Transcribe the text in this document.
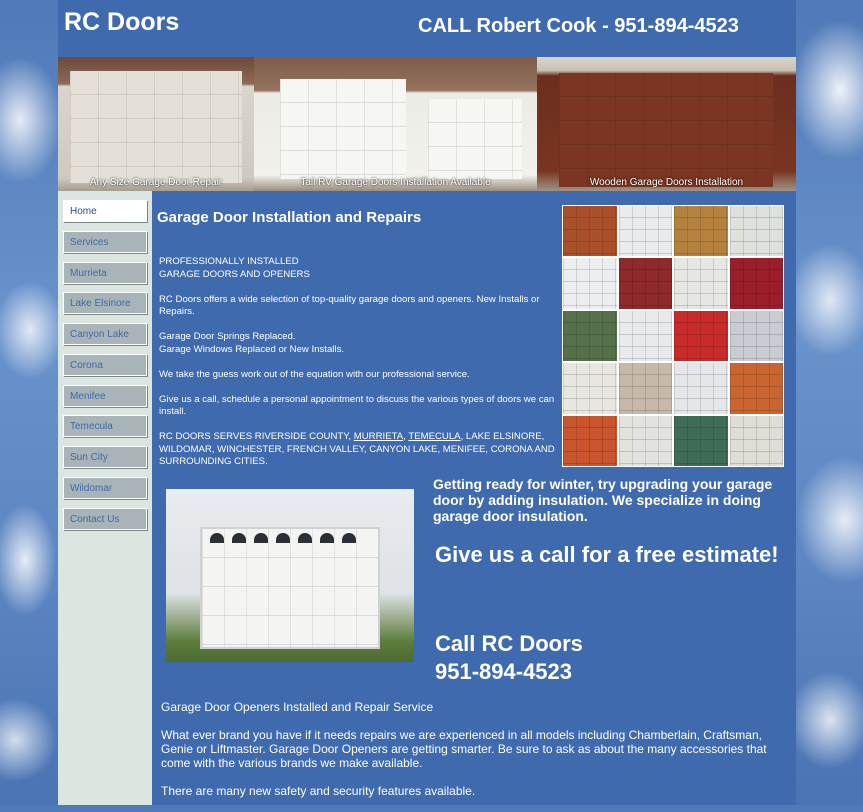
RC Doors	CALL Robert Cook - 951-894-4523
Any Size Garage Door Repair	Tall RV Garage Doors Installation Available	Wooden Garage Doors Installation
Home
Services
Murrieta
Lake Elsinore
Canyon Lake
Corona
Menifee
Temecula
Sun City
Wildomar
Contact Us
Garage Door Installation and Repairs

PROFESSIONALLY INSTALLED
GARAGE DOORS AND OPENERS

RC Doors offers a wide selection of top-quality garage doors and openers. New Installs or Repairs.

Garage Door Springs Replaced.
Garage Windows Replaced or New Installs.

We take the guess work out of the equation with our professional service.

Give us a call, schedule a personal appointment to discuss the various types of doors we can install.

RC DOORS SERVES RIVERSIDE COUNTY, MURRIETA, TEMECULA, LAKE ELSINORE, WILDOMAR, WINCHESTER, FRENCH VALLEY, CANYON LAKE, MENIFEE, CORONA AND SURROUNDING CITIES.

Getting ready for winter, try upgrading your garage door by adding insulation. We specialize in doing garage door insulation.
Give us a call for a free estimate!
Call RC Doors
951-894-4523

Garage Door Openers Installed and Repair Service

What ever brand you have if it needs repairs we are experienced in all models including Chamberlain, Craftsman, Genie or Liftmaster. Garage Door Openers are getting smarter. Be sure to ask as about the many accessories that come with the various brands we make available.

There are many new safety and security features available.
